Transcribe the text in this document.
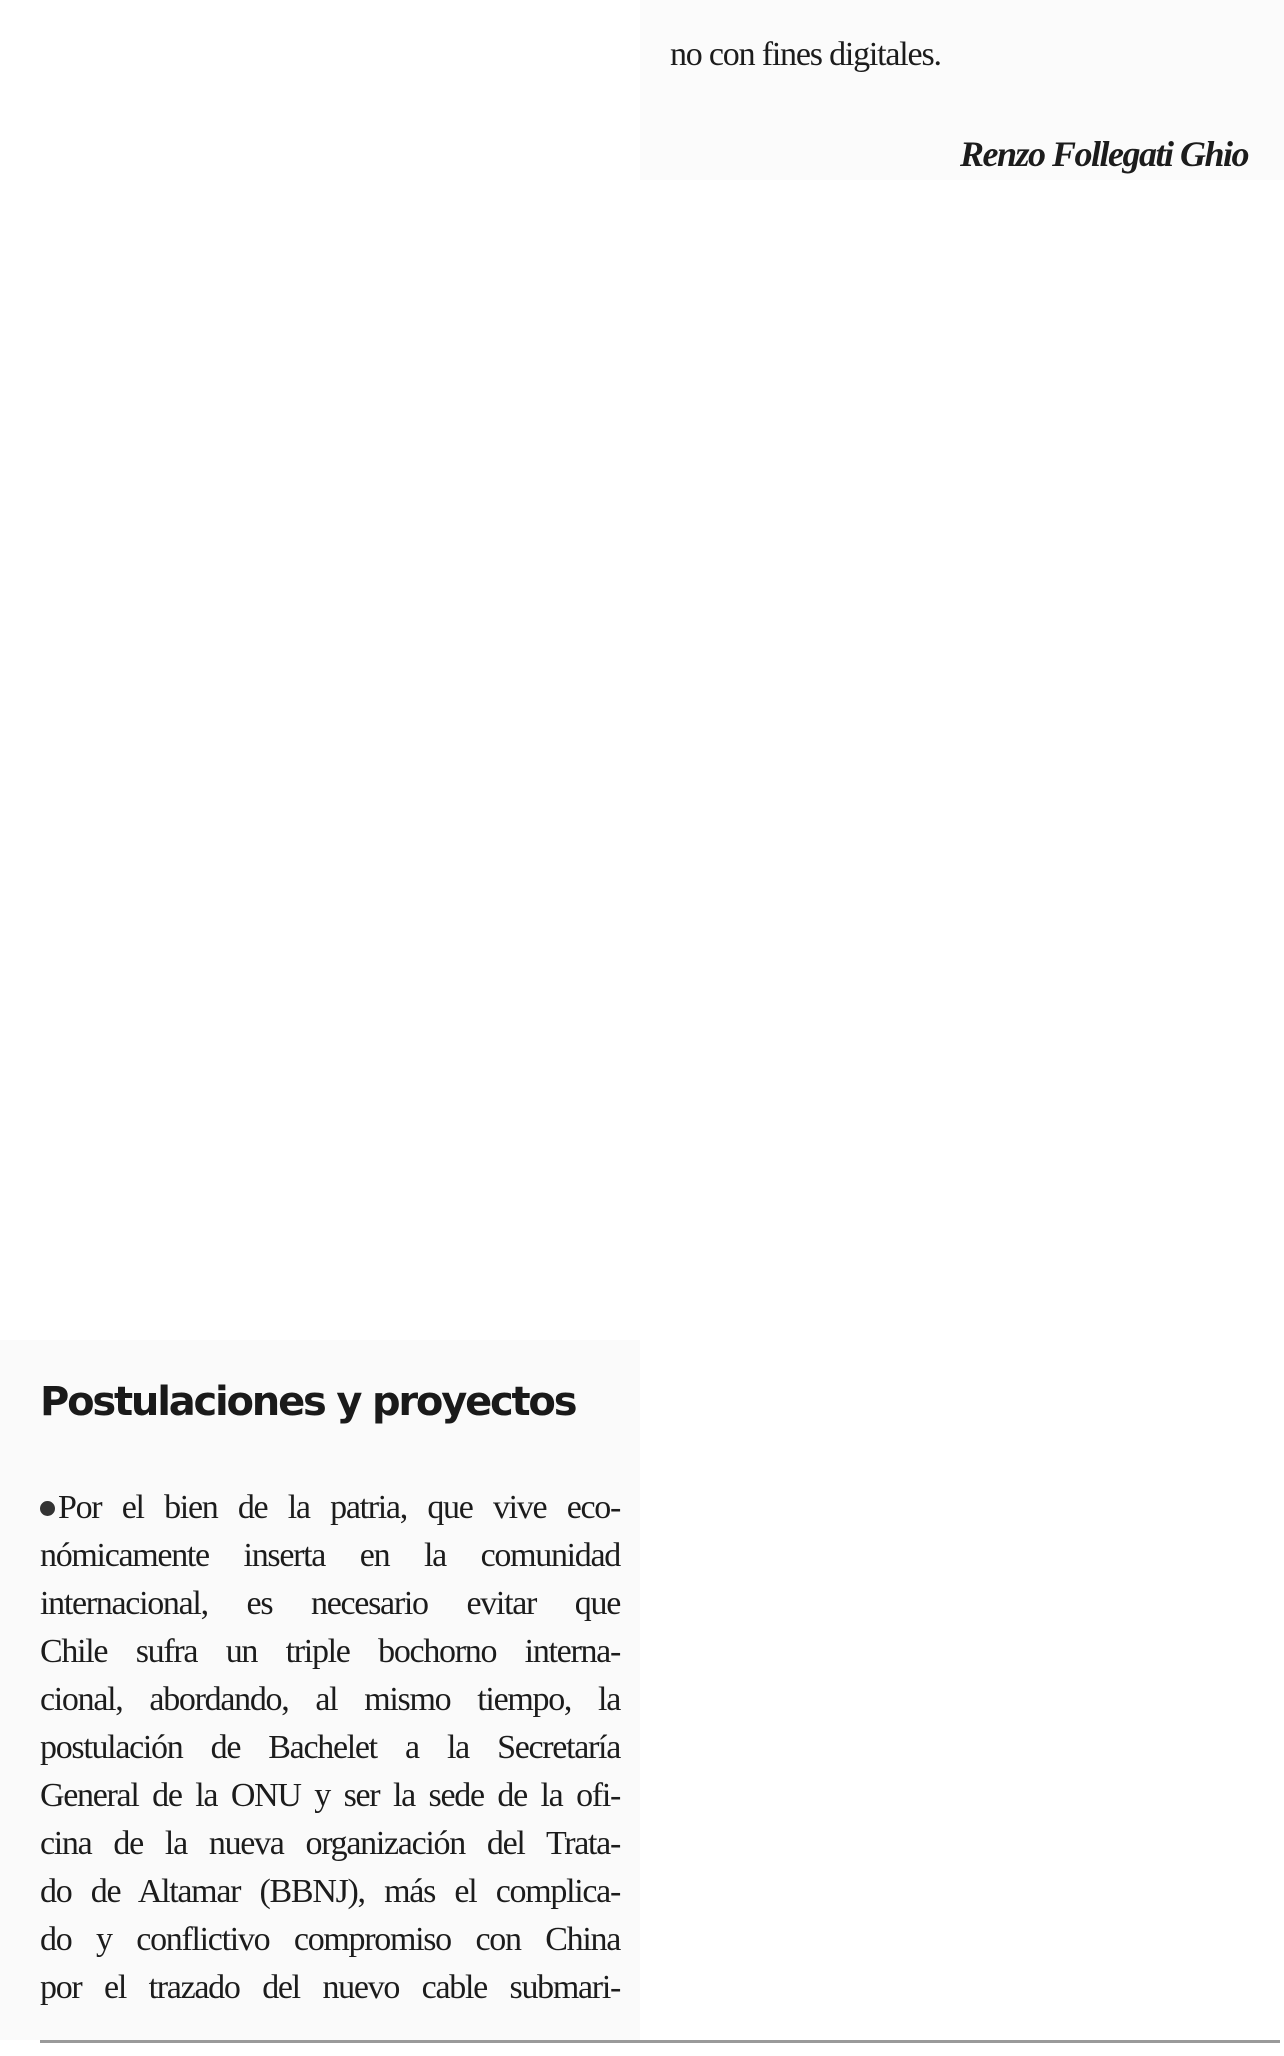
no con fines digitales.

Renzo Follegati Ghio

Postulaciones y proyectos
Por el bien de la patria, que vive eco-
nómicamente inserta en la comunidad
internacional, es necesario evitar que
Chile sufra un triple bochorno interna-
cional, abordando, al mismo tiempo, la
postulación de Bachelet a la Secretaría
General de la ONU y ser la sede de la ofi-
cina de la nueva organización del Trata-
do de Altamar (BBNJ), más el complica-
do y conflictivo compromiso con China
por el trazado del nuevo cable submari-
